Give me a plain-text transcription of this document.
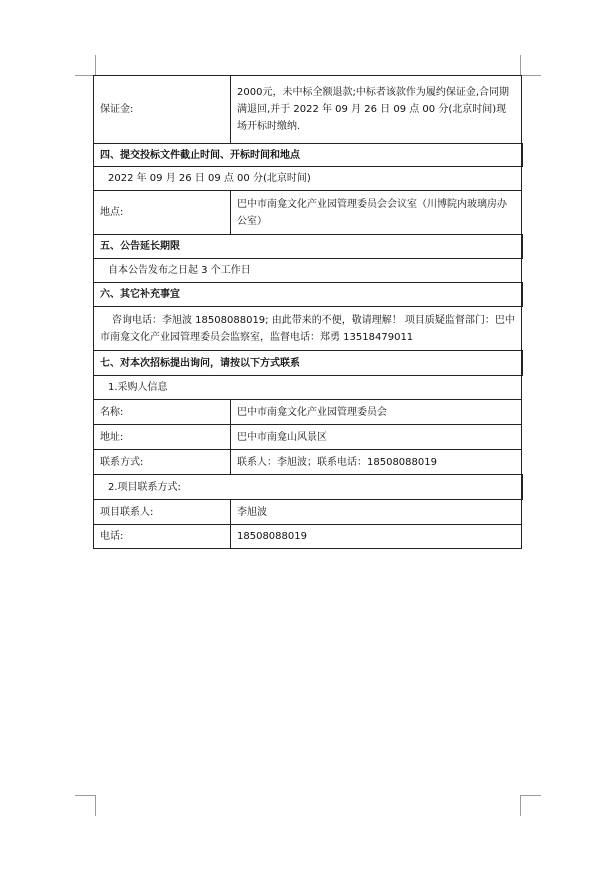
保证金:	2000元，未中标全额退款;中标者该款作为履约保证金,合同期满退回,并于 2022 年 09 月 26 日 09 点 00 分(北京时间)现场开标时缴纳.
四、提交投标文件截止时间、开标时间和地点	
2022 年 09 月 26 日 09 点 00 分(北京时间)	
地点:	巴中市南龛文化产业园管理委员会会议室（川博院内玻璃房办公室）
五、公告延长期限	
自本公告发布之日起 3 个工作日	
六、其它补充事宜	
咨询电话：李旭波 18508088019; 由此带来的不便，敬请理解！ 项目质疑监督部门：巴中市南龛文化产业园管理委员会监察室，监督电话：郑勇 13518479011	
七、对本次招标提出询问，请按以下方式联系	
1.采购人信息	
名称:	巴中市南龛文化产业园管理委员会
地址:	巴中市南龛山风景区
联系方式:	联系人：李旭波；联系电话：18508088019
2.项目联系方式:	
项目联系人:	李旭波
电话:	18508088019
